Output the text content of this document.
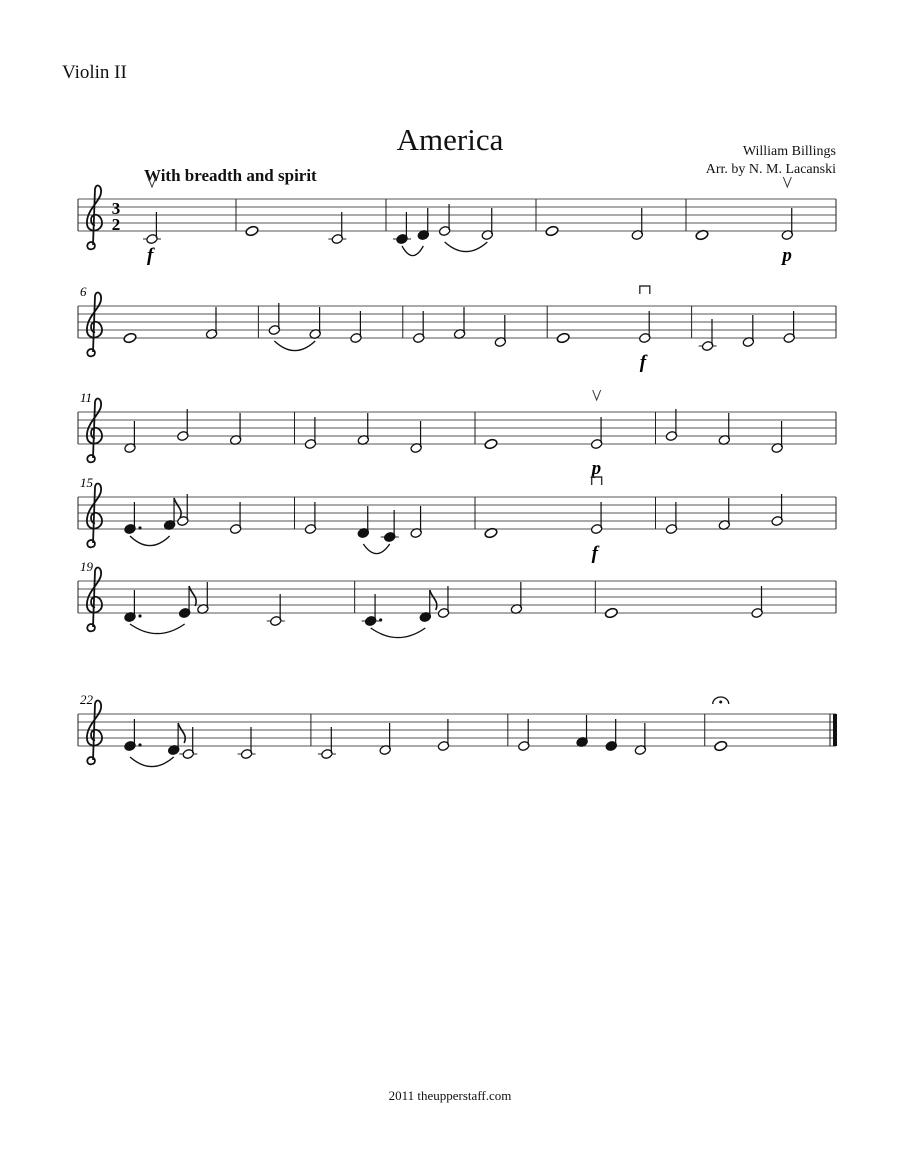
Violin II
America	William Billings
Arr. by N. M. Lacanski
With breadth and spirit
3
2
f	p
6
f
11
p
15
f
19
22
2011 theupperstaff.com
